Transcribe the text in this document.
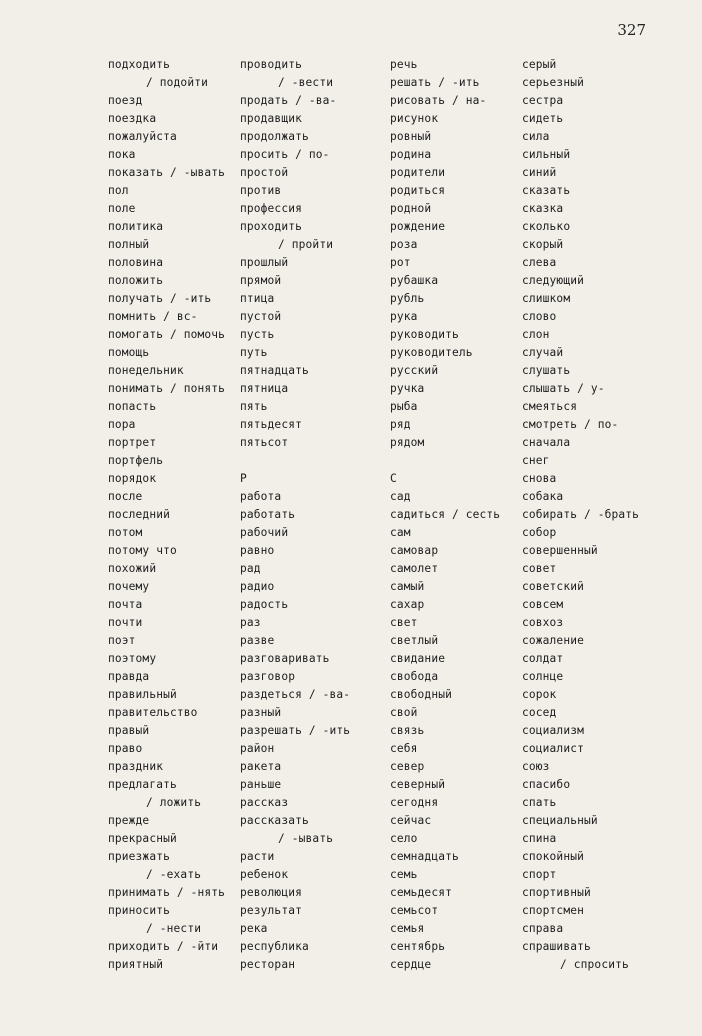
327
подходить
/ подойти
поезд
поездка
пожалуйста
пока
показать / -ывать
пол
поле
политика
полный
половина
положить
получать / -ить
помнить / вс-
помогать / помочь
помощь
понедельник
понимать / понять
попасть
пора
портрет
портфель
порядок
после
последний
потом
потому что
похожий
почему
почта
почти
поэт
поэтому
правда
правильный
правительство
правый
право
праздник
предлагать
/ ложить
прежде
прекрасный
приезжать
/ -ехать
принимать / -нять
приносить
/ -нести
приходить / -йти
приятный
проводить
/ -вести
продать / -ва-
продавщик
продолжать
просить / по-
простой
против
профессия
проходить
/ пройти
прошлый
прямой
птица
пустой
пусть
путь
пятнадцать
пятница
пять
пятьдесят
пятьсот
Р
работа
работать
рабочий
равно
рад
радио
радость
раз
разве
разговаривать
разговор
раздеться / -ва-
разный
разрешать / -ить
район
ракета
раньше
рассказ
рассказать
/ -ывать
расти
ребенок
революция
результат
река
республика
ресторан
речь
решать / -ить
рисовать / на-
рисунок
ровный
родина
родители
родиться
родной
рождение
роза
рот
рубашка
рубль
рука
руководить
руководитель
русский
ручка
рыба
ряд
рядом
С
сад
садиться / сесть
сам
самовар
самолет
самый
сахар
свет
светлый
свидание
свобода
свободный
свой
связь
себя
север
северный
сегодня
сейчас
село
семнадцать
семь
семьдесят
семьсот
семья
сентябрь
сердце
серый
серьезный
сестра
сидеть
сила
сильный
синий
сказать
сказка
сколько
скорый
слева
следующий
слишком
слово
слон
случай
слушать
слышать / у-
смеяться
смотреть / по-
сначала
снег
снова
собака
собирать / -брать
собор
совершенный
совет
советский
совсем
совхоз
сожаление
солдат
солнце
сорок
сосед
социализм
социалист
союз
спасибо
спать
специальный
спина
спокойный
спорт
спортивный
спортсмен
справа
спрашивать
/ спросить
